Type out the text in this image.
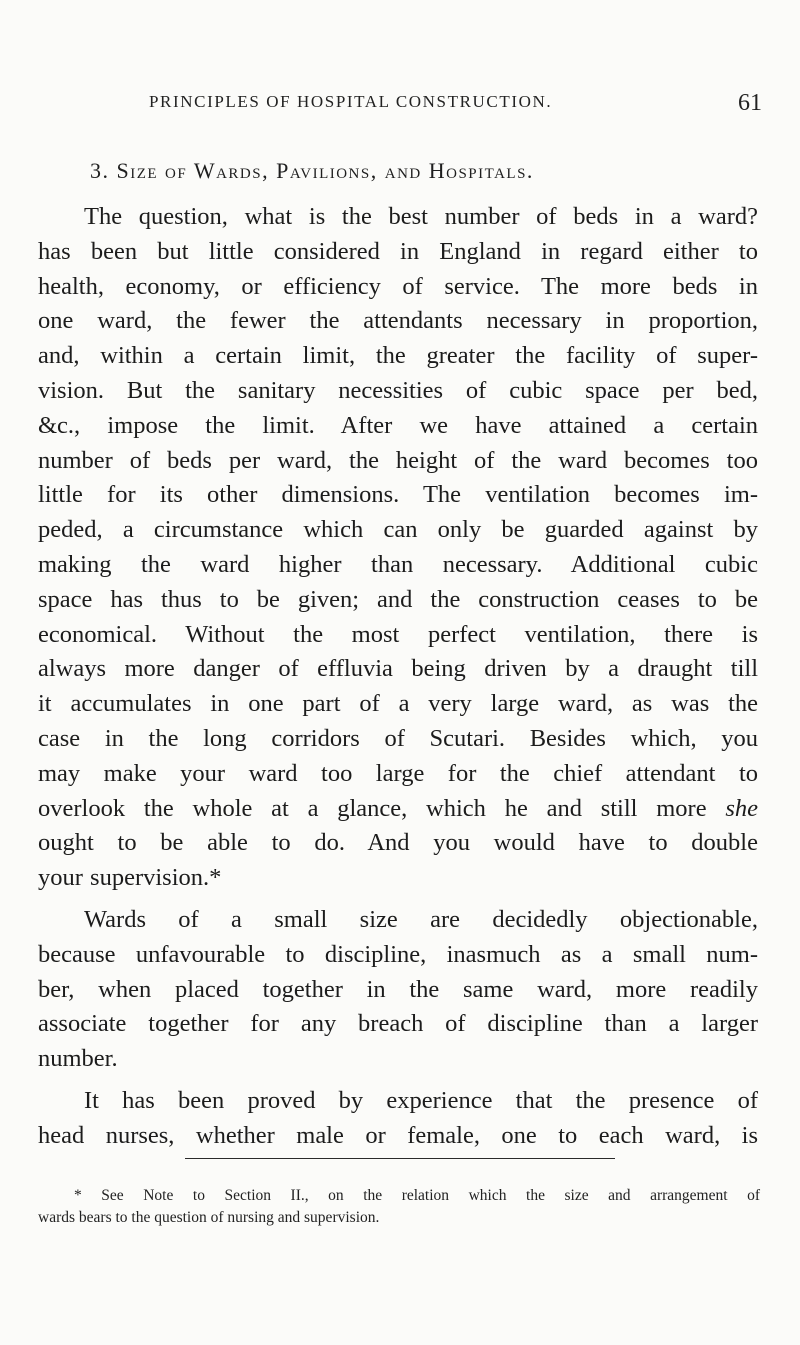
PRINCIPLES OF HOSPITAL CONSTRUCTION.	61
3. Size of Wards, Pavilions, and Hospitals.

The question, what is the best number of beds in a ward?
has been but little considered in England in regard either to
health, economy, or efficiency of service. The more beds in
one ward, the fewer the attendants necessary in proportion,
and, within a certain limit, the greater the facility of super-
vision. But the sanitary necessities of cubic space per bed,
&c., impose the limit. After we have attained a certain
number of beds per ward, the height of the ward becomes too
little for its other dimensions. The ventilation becomes im-
peded, a circumstance which can only be guarded against by
making the ward higher than necessary. Additional cubic
space has thus to be given; and the construction ceases to be
economical. Without the most perfect ventilation, there is
always more danger of effluvia being driven by a draught till
it accumulates in one part of a very large ward, as was the
case in the long corridors of Scutari. Besides which, you
may make your ward too large for the chief attendant to
overlook the whole at a glance, which he and still more she
ought to be able to do. And you would have to double
your supervision.*

Wards of a small size are decidedly objectionable,
because unfavourable to discipline, inasmuch as a small num-
ber, when placed together in the same ward, more readily
associate together for any breach of discipline than a larger
number.

It has been proved by experience that the presence of
head nurses, whether male or female, one to each ward, is

* See Note to Section II., on the relation which the size and arrangement of
wards bears to the question of nursing and supervision.
